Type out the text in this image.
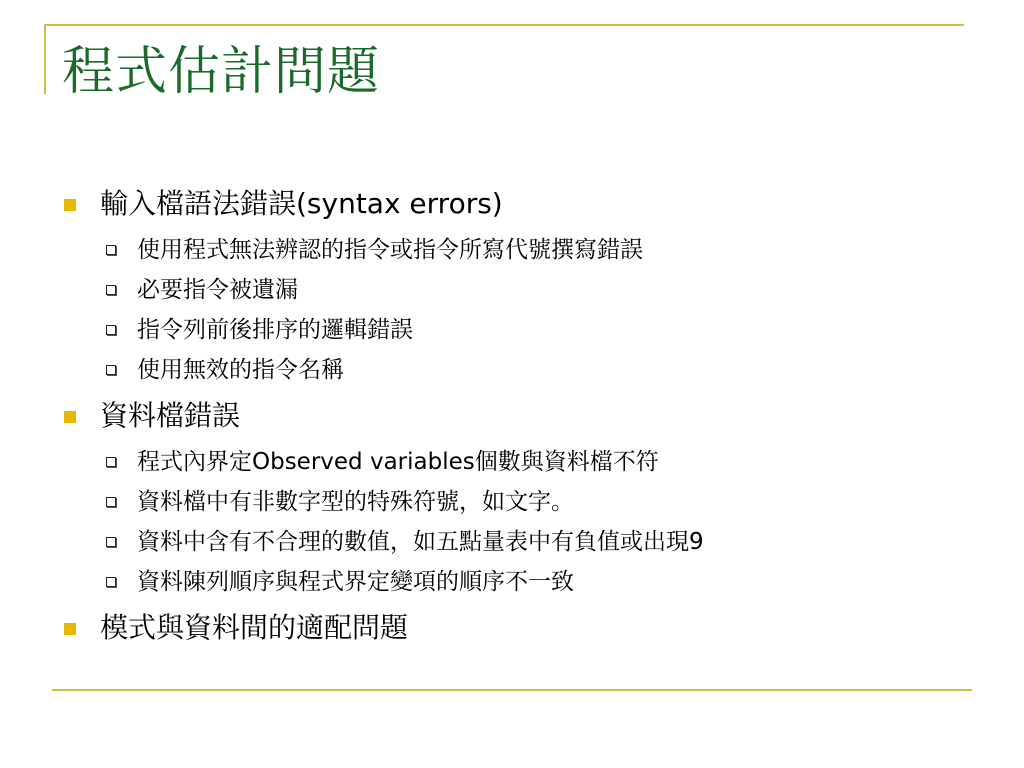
程式估計問題
輸入檔語法錯誤(syntax errors)
使用程式無法辨認的指令或指令所寫代號撰寫錯誤
必要指令被遺漏
指令列前後排序的邏輯錯誤
使用無效的指令名稱
資料檔錯誤
程式內界定Observed variables個數與資料檔不符
資料檔中有非數字型的特殊符號，如文字。
資料中含有不合理的數值，如五點量表中有負值或出現9
資料陳列順序與程式界定變項的順序不一致
模式與資料間的適配問題
